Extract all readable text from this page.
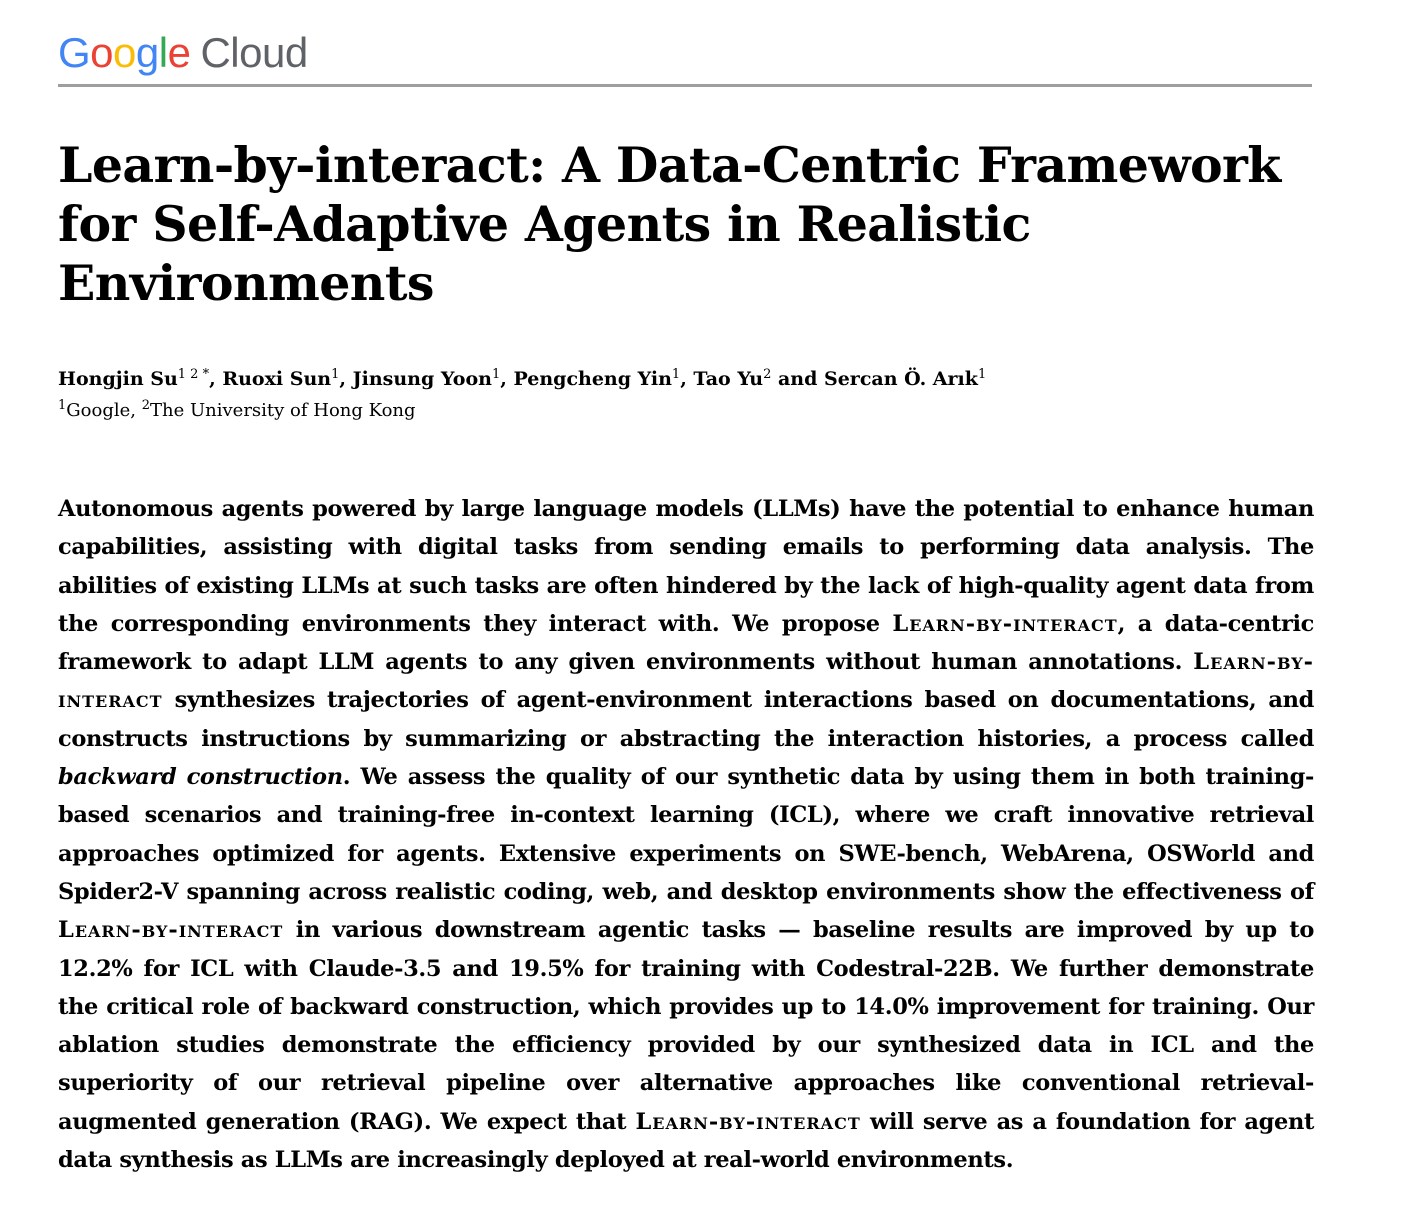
Google Cloud
Learn-by-interact: A Data-Centric Framework for Self-Adaptive Agents in Realistic Environments
Hongjin $Su^{1 2 *}$, Ruoxi Sun$^1$, Jinsung Yoon$^1$, Pengcheng Yin$^1$, Tao Yu$^2$ and Sercan Ö. Arık$^1$
$^1$Google, $^2$The University of Hong Kong

Autonomous agents powered by large language models (LLMs) have the potential to enhance human capabilities, assisting with digital tasks from sending emails to performing data analysis. The abilities of existing LLMs at such tasks are often hindered by the lack of high-quality agent data from the corresponding environments they interact with. We propose Learn-by-interact, a data-centric framework to adapt LLM agents to any given environments without human annotations. Learn-by-interact synthesizes trajectories of agent-environment interactions based on documentations, and constructs instructions by summarizing or abstracting the interaction histories, a process called backward construction. We assess the quality of our synthetic data by using them in both training-based scenarios and training-free in-context learning (ICL), where we craft innovative retrieval approaches optimized for agents. Extensive experiments on SWE-bench, WebArena, OSWorld and Spider2-V spanning across realistic coding, web, and desktop environments show the effectiveness of Learn-by-interact in various downstream agentic tasks — baseline results are improved by up to 12.2% for ICL with Claude-3.5 and 19.5% for training with Codestral-22B. We further demonstrate the critical role of backward construction, which provides up to 14.0% improvement for training. Our ablation studies demonstrate the efficiency provided by our synthesized data in ICL and the superiority of our retrieval pipeline over alternative approaches like conventional retrieval-augmented generation (RAG). We expect that Learn-by-interact will serve as a foundation for agent data synthesis as LLMs are increasingly deployed at real-world environments.
